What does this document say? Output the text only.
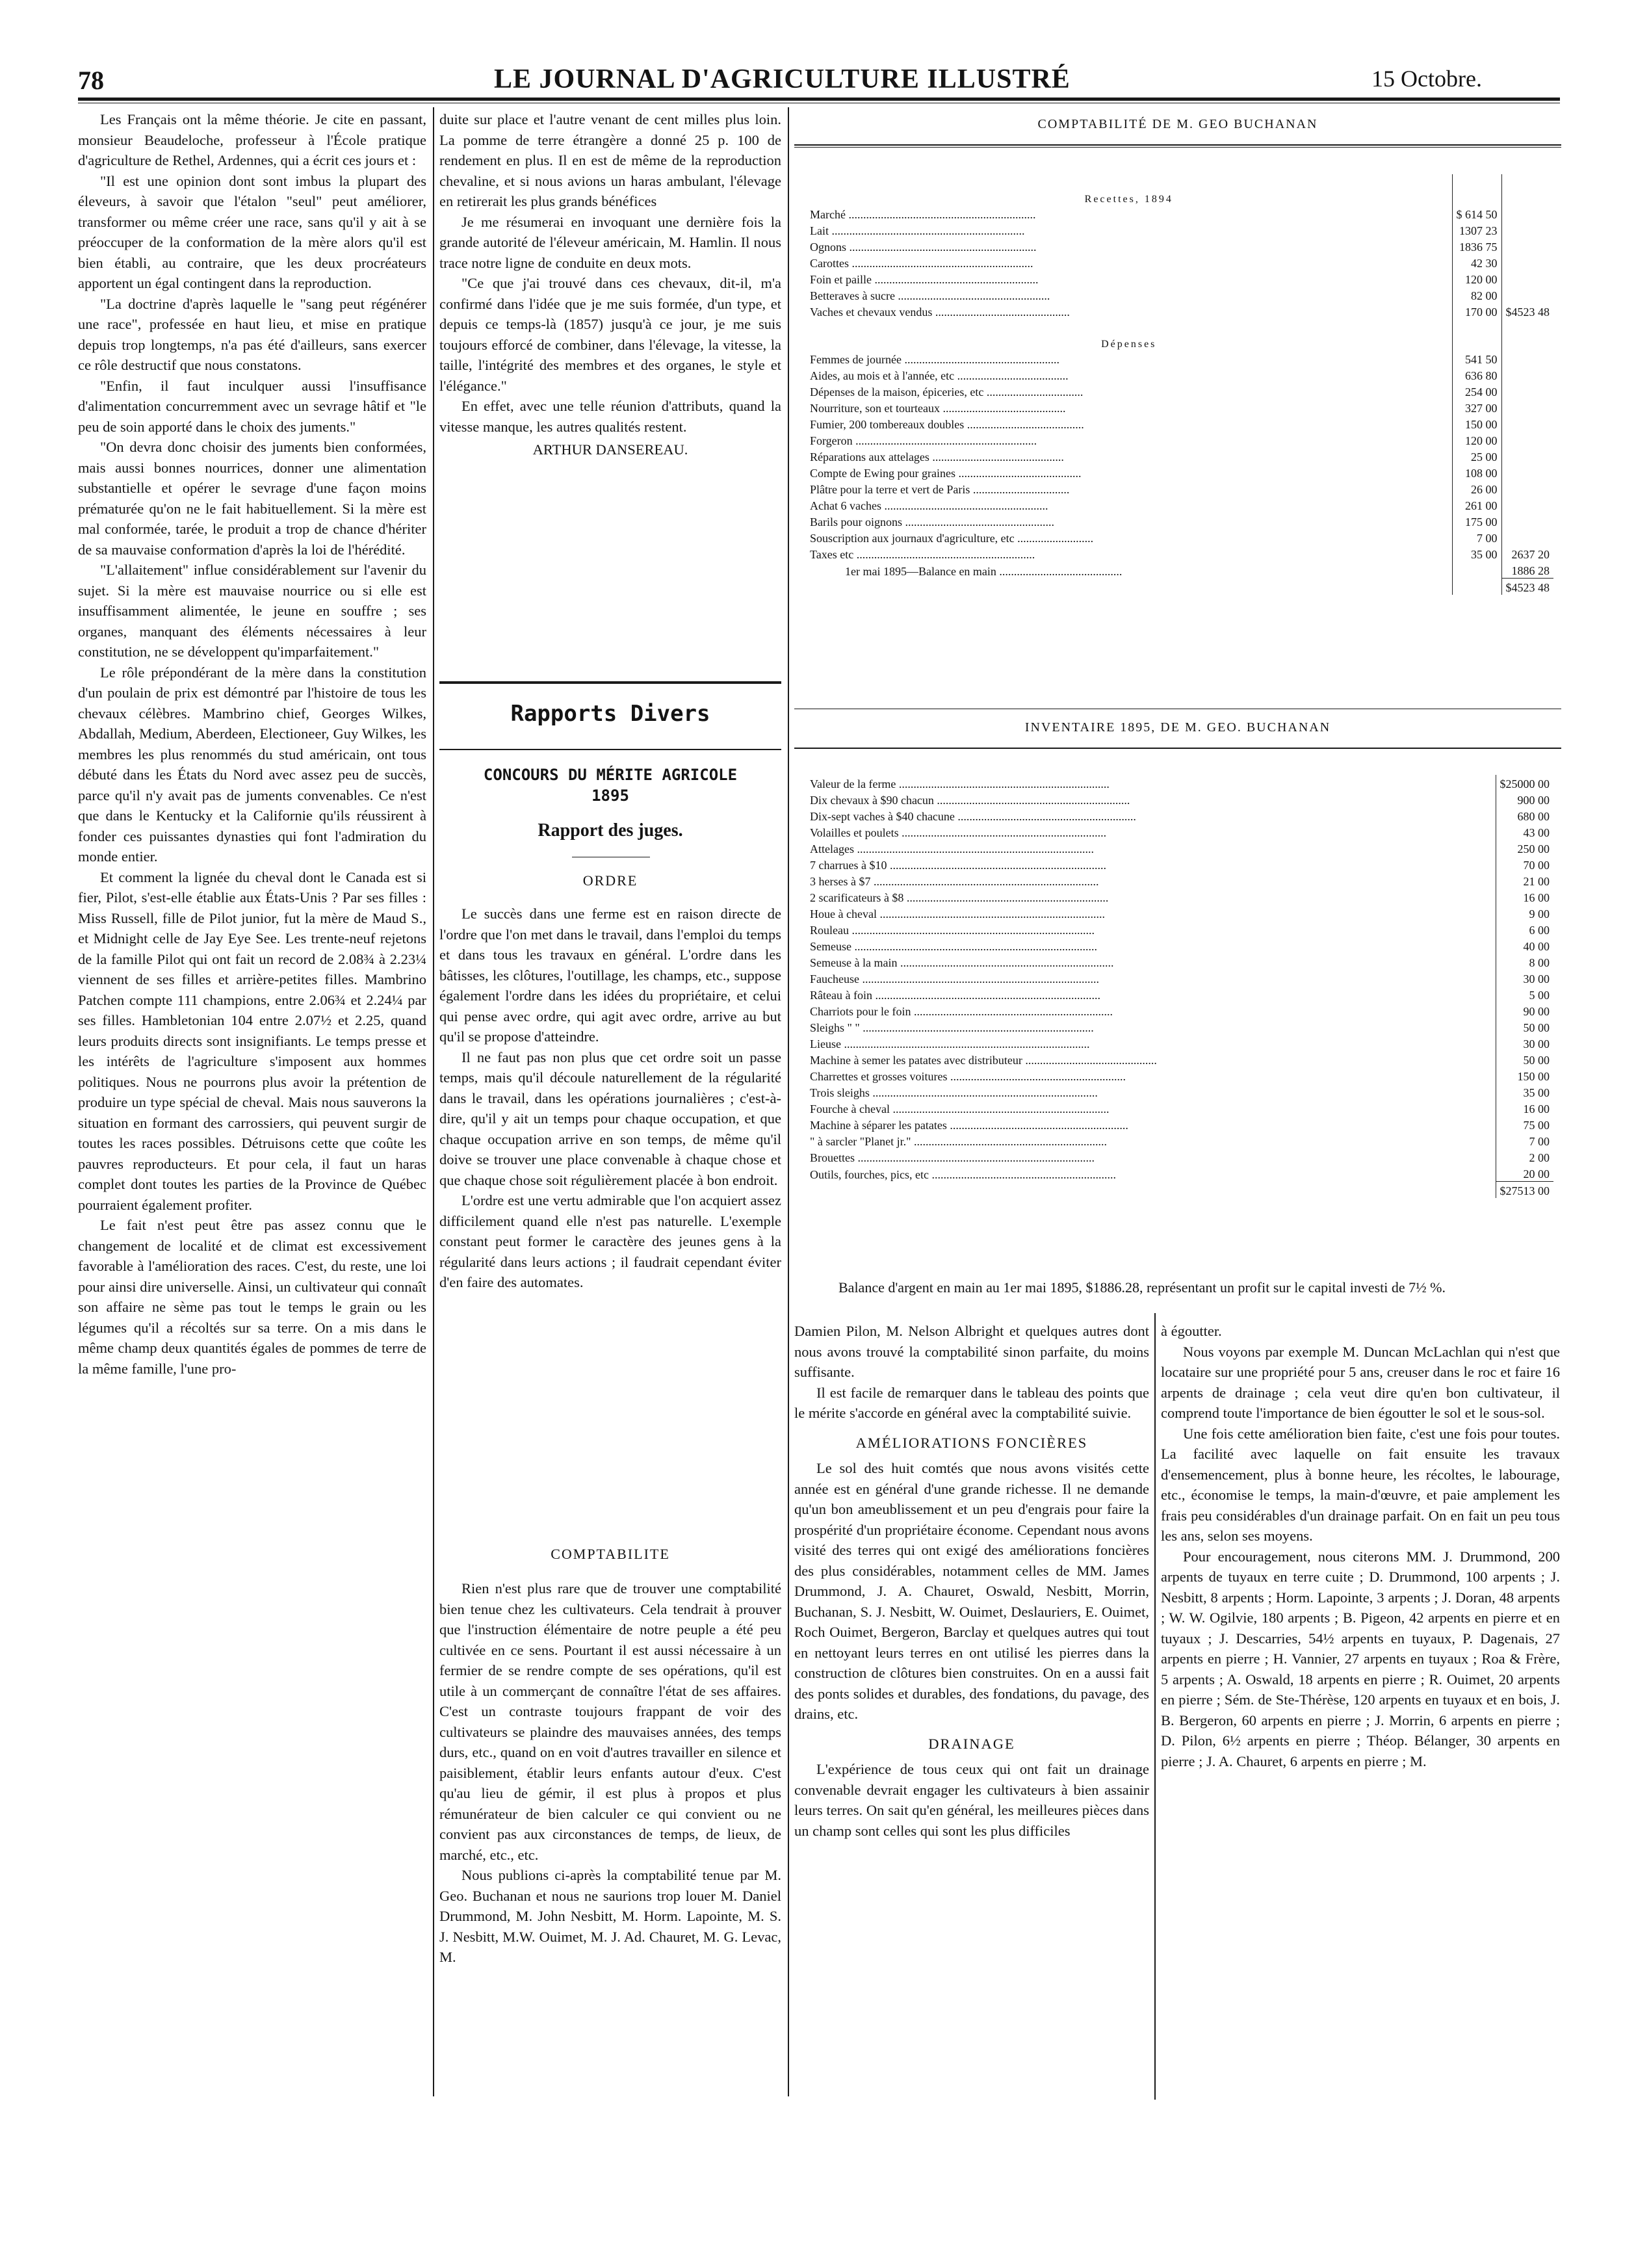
78	LE JOURNAL D'AGRICULTURE ILLUSTRÉ	15 Octobre.

Les Français ont la même théorie. Je cite en passant, monsieur Beaudeloche, professeur à l'École pratique d'agriculture de Rethel, Ardennes, qui a écrit ces jours et :

"Il est une opinion dont sont imbus la plupart des éleveurs, à savoir que l'étalon "seul" peut améliorer, transformer ou même créer une race, sans qu'il y ait à se préoccuper de la conformation de la mère alors qu'il est bien établi, au contraire, que les deux procréateurs apportent un égal contingent dans la reproduction.

"La doctrine d'après laquelle le "sang peut régénérer une race", professée en haut lieu, et mise en pratique depuis trop longtemps, n'a pas été d'ailleurs, sans exercer ce rôle destructif que nous constatons.

"Enfin, il faut inculquer aussi l'insuffisance d'alimentation concurremment avec un sevrage hâtif et "le peu de soin apporté dans le choix des juments."

"On devra donc choisir des juments bien conformées, mais aussi bonnes nourrices, donner une alimentation substantielle et opérer le sevrage d'une façon moins prématurée qu'on ne le fait habituellement. Si la mère est mal conformée, tarée, le produit a trop de chance d'hériter de sa mauvaise conformation d'après la loi de l'hérédité.

"L'allaitement" influe considérablement sur l'avenir du sujet. Si la mère est mauvaise nourrice ou si elle est insuffisamment alimentée, le jeune en souffre ; ses organes, manquant des éléments nécessaires à leur constitution, ne se développent qu'imparfaitement."

Le rôle prépondérant de la mère dans la constitution d'un poulain de prix est démontré par l'histoire de tous les chevaux célèbres. Mambrino chief, Georges Wilkes, Abdallah, Medium, Aberdeen, Electioneer, Guy Wilkes, les membres les plus renommés du stud américain, ont tous débuté dans les États du Nord avec assez peu de succès, parce qu'il n'y avait pas de juments convenables. Ce n'est que dans le Kentucky et la Californie qu'ils réussirent à fonder ces puissantes dynasties qui font l'admiration du monde entier.

Et comment la lignée du cheval dont le Canada est si fier, Pilot, s'est-elle établie aux États-Unis ? Par ses filles : Miss Russell, fille de Pilot junior, fut la mère de Maud S., et Midnight celle de Jay Eye See. Les trente-neuf rejetons de la famille Pilot qui ont fait un record de 2.08¾ à 2.23¼ viennent de ses filles et arrière-petites filles. Mambrino Patchen compte 111 champions, entre 2.06¾ et 2.24¼ par ses filles. Hambletonian 104 entre 2.07½ et 2.25, quand leurs produits directs sont insignifiants. Le temps presse et les intérêts de l'agriculture s'imposent aux hommes politiques. Nous ne pourrons plus avoir la prétention de produire un type spécial de cheval. Mais nous sauverons la situation en formant des carrossiers, qui peuvent surgir de toutes les races possibles. Détruisons cette que coûte les pauvres reproducteurs. Et pour cela, il faut un haras complet dont toutes les parties de la Province de Québec pourraient également profiter.

Le fait n'est peut être pas assez connu que le changement de localité et de climat est excessivement favorable à l'amélioration des races. C'est, du reste, une loi pour ainsi dire universelle. Ainsi, un cultivateur qui connaît son affaire ne sème pas tout le temps le grain ou les légumes qu'il a récoltés sur sa terre. On a mis dans le même champ deux quantités égales de pommes de terre de la même famille, l'une pro-

duite sur place et l'autre venant de cent milles plus loin. La pomme de terre étrangère a donné 25 p. 100 de rendement en plus. Il en est de même de la reproduction chevaline, et si nous avions un haras ambulant, l'élevage en retirerait les plus grands bénéfices

Je me résumerai en invoquant une dernière fois la grande autorité de l'éleveur américain, M. Hamlin. Il nous trace notre ligne de conduite en deux mots.

"Ce que j'ai trouvé dans ces chevaux, dit-il, m'a confirmé dans l'idée que je me suis formée, d'un type, et depuis ce temps-là (1857) jusqu'à ce jour, je me suis toujours efforcé de combiner, dans l'élevage, la vitesse, la taille, l'intégrité des membres et des organes, le style et l'élégance."

En effet, avec une telle réunion d'attributs, quand la vitesse manque, les autres qualités restent.

ARTHUR DANSEREAU.

Rapports Divers
CONCOURS DU MÉRITE AGRICOLE
1895
Rapport des juges.
ORDRE

Le succès dans une ferme est en raison directe de l'ordre que l'on met dans le travail, dans l'emploi du temps et dans tous les travaux en général. L'ordre dans les bâtisses, les clôtures, l'outillage, les champs, etc., suppose également l'ordre dans les idées du propriétaire, et celui qui pense avec ordre, qui agit avec ordre, arrive au but qu'il se propose d'atteindre.

Il ne faut pas non plus que cet ordre soit un passe temps, mais qu'il découle naturellement de la régularité dans le travail, dans les opérations journalières ; c'est-à-dire, qu'il y ait un temps pour chaque occupation, et que chaque occupation arrive en son temps, de même qu'il doive se trouver une place convenable à chaque chose et que chaque chose soit régulièrement placée à bon endroit.

L'ordre est une vertu admirable que l'on acquiert assez difficilement quand elle n'est pas naturelle. L'exemple constant peut former le caractère des jeunes gens à la régularité dans leurs actions ; il faudrait cependant éviter d'en faire des automates.

COMPTABILITE

Rien n'est plus rare que de trouver une comptabilité bien tenue chez les cultivateurs. Cela tendrait à prouver que l'instruction élémentaire de notre peuple a été peu cultivée en ce sens. Pourtant il est aussi nécessaire à un fermier de se rendre compte de ses opérations, qu'il est utile à un commerçant de connaître l'état de ses affaires. C'est un contraste toujours frappant de voir des cultivateurs se plaindre des mauvaises années, des temps durs, etc., quand on en voit d'autres travailler en silence et paisiblement, établir leurs enfants autour d'eux. C'est qu'au lieu de gémir, il est plus à propos et plus rémunérateur de bien calculer ce qui convient ou ne convient pas aux circonstances de temps, de lieux, de marché, etc., etc.

Nous publions ci-après la comptabilité tenue par M. Geo. Buchanan et nous ne saurions trop louer M. Daniel Drummond, M. John Nesbitt, M. Horm. Lapointe, M. S. J. Nesbitt, M.W. Ouimet, M. J. Ad. Chauret, M. G. Levac, M.

COMPTABILITÉ DE M. GEO BUCHANAN
Recettes, 1894		
Marché ................................................................	$ 614 50	
Lait ..................................................................	1307 23	
Ognons ................................................................	1836 75	
Carottes ..............................................................	42 30	
Foin et paille ........................................................	120 00	
Betteraves à sucre ....................................................	82 00	
Vaches et chevaux vendus ..............................................	170 00	$4523 48
Dépenses		
Femmes de journée .....................................................	541 50	
Aides, au mois et à l'année, etc ......................................	636 80	
Dépenses de la maison, épiceries, etc .................................	254 00	
Nourriture, son et tourteaux ..........................................	327 00	
Fumier, 200 tombereaux doubles ........................................	150 00	
Forgeron ..............................................................	120 00	
Réparations aux attelages .............................................	25 00	
Compte de Ewing pour graines ..........................................	108 00	
Plâtre pour la terre et vert de Paris .................................	26 00	
Achat 6 vaches ........................................................	261 00	
Barils pour oignons ...................................................	175 00	
Souscription aux journaux d'agriculture, etc ..........................	7 00	
Taxes etc .............................................................	35 00	2637 20
1er mai 1895—Balance en main ..........................................		1886 28
		$4523 48
INVENTAIRE 1895, DE M. GEO. BUCHANAN
Valeur de la ferme ........................................................................	$25000 00
Dix chevaux à $90 chacun ..................................................................	900 00
Dix-sept vaches à $40 chacune .............................................................	680 00
Volailles et poulets ......................................................................	43 00
Attelages .................................................................................	250 00
7 charrues à $10 ..........................................................................	70 00
3 herses à $7 .............................................................................	21 00
2 scarificateurs à $8 .....................................................................	16 00
Houe à cheval .............................................................................	9 00
Rouleau ...................................................................................	6 00
Semeuse ...................................................................................	40 00
Semeuse à la main .........................................................................	8 00
Faucheuse .................................................................................	30 00
Râteau à foin .............................................................................	5 00
Charriots pour le foin ....................................................................	90 00
Sleighs " " ...............................................................................	50 00
Lieuse ....................................................................................	30 00
Machine à semer les patates avec distributeur .............................................	50 00
Charrettes et grosses voitures ............................................................	150 00
Trois sleighs .............................................................................	35 00
Fourche à cheval ..........................................................................	16 00
Machine à séparer les patates .............................................................	75 00
" à sarcler "Planet jr." ..................................................................	7 00
Brouettes .................................................................................	2 00
Outils, fourches, pics, etc ...............................................................	20 00
	$27513 00
Balance d'argent en main au 1er mai 1895, $1886.28, représentant un profit sur le capital investi de 7½ %.

Damien Pilon, M. Nelson Albright et quelques autres dont nous avons trouvé la comptabilité sinon parfaite, du moins suffisante.

Il est facile de remarquer dans le tableau des points que le mérite s'accorde en général avec la comptabilité suivie.

AMÉLIORATIONS FONCIÈRES

Le sol des huit comtés que nous avons visités cette année est en général d'une grande richesse. Il ne demande qu'un bon ameublissement et un peu d'engrais pour faire la prospérité d'un propriétaire économe. Cependant nous avons visité des terres qui ont exigé des améliorations foncières des plus considérables, notamment celles de MM. James Drummond, J. A. Chauret, Oswald, Nesbitt, Morrin, Buchanan, S. J. Nesbitt, W. Ouimet, Deslauriers, E. Ouimet, Roch Ouimet, Bergeron, Barclay et quelques autres qui tout en nettoyant leurs terres en ont utilisé les pierres dans la construction de clôtures bien construites. On en a aussi fait des ponts solides et durables, des fondations, du pavage, des drains, etc.

DRAINAGE

L'expérience de tous ceux qui ont fait un drainage convenable devrait engager les cultivateurs à bien assainir leurs terres. On sait qu'en général, les meilleures pièces dans un champ sont celles qui sont les plus difficiles

à égoutter.

Nous voyons par exemple M. Duncan McLachlan qui n'est que locataire sur une propriété pour 5 ans, creuser dans le roc et faire 16 arpents de drainage ; cela veut dire qu'en bon cultivateur, il comprend toute l'importance de bien égoutter le sol et le sous-sol.

Une fois cette amélioration bien faite, c'est une fois pour toutes. La facilité avec laquelle on fait ensuite les travaux d'ensemencement, plus à bonne heure, les récoltes, le labourage, etc., économise le temps, la main-d'œuvre, et paie amplement les frais peu considérables d'un drainage parfait. On en fait un peu tous les ans, selon ses moyens.

Pour encouragement, nous citerons MM. J. Drummond, 200 arpents de tuyaux en terre cuite ; D. Drummond, 100 arpents ; J. Nesbitt, 8 arpents ; Horm. Lapointe, 3 arpents ; J. Doran, 48 arpents ; W. W. Ogilvie, 180 arpents ; B. Pigeon, 42 arpents en pierre et en tuyaux ; J. Descarries, 54½ arpents en tuyaux, P. Dagenais, 27 arpents en pierre ; H. Vannier, 27 arpents en tuyaux ; Roa & Frère, 5 arpents ; A. Oswald, 18 arpents en pierre ; R. Ouimet, 20 arpents en pierre ; Sém. de Ste-Thérèse, 120 arpents en tuyaux et en bois, J. B. Bergeron, 60 arpents en pierre ; J. Morrin, 6 arpents en pierre ; D. Pilon, 6½ arpents en pierre ; Théop. Bélanger, 30 arpents en pierre ; J. A. Chauret, 6 arpents en pierre ; M.
